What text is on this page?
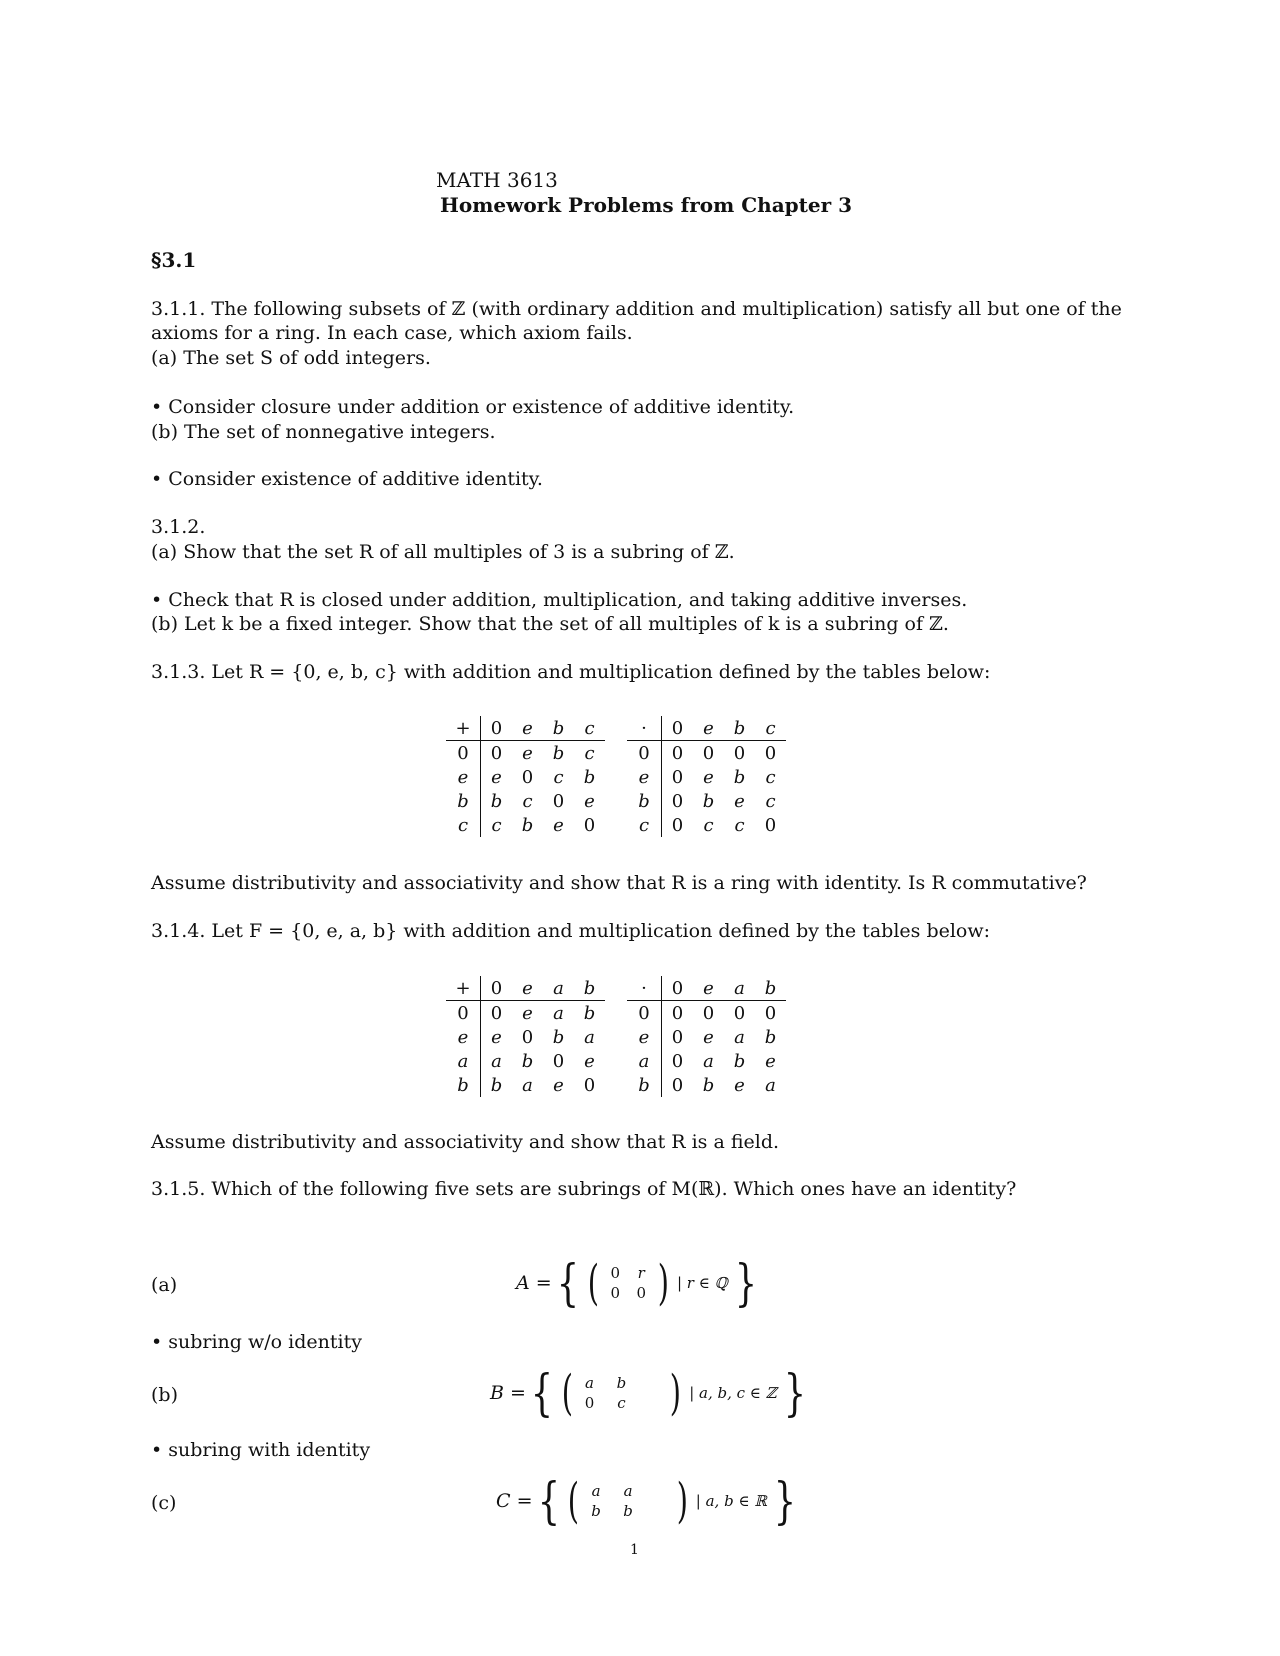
MATH 3613
Homework Problems from Chapter 3
§3.1
3.1.1. The following subsets of ℤ (with ordinary addition and multiplication) satisfy all but one of the
axioms for a ring. In each case, which axiom fails.
(a) The set S of odd integers.
• Consider closure under addition or existence of additive identity.
(b) The set of nonnegative integers.
• Consider existence of additive identity.
3.1.2.
(a) Show that the set R of all multiples of 3 is a subring of ℤ.
• Check that R is closed under addition, multiplication, and taking additive inverses.
(b) Let k be a fixed integer. Show that the set of all multiples of k is a subring of ℤ.
3.1.3. Let R = {0, e, b, c} with addition and multiplication defined by the tables below:
+	0	e	b	c
0	0	e	b	c
e	e	0	c	b
b	b	c	0	e
c	c	b	e	0
·	0	e	b	c
0	0	0	0	0
e	0	e	b	c
b	0	b	e	c
c	0	c	c	0
Assume distributivity and associativity and show that R is a ring with identity. Is R commutative?
3.1.4. Let F = {0, e, a, b} with addition and multiplication defined by the tables below:
+	0	e	a	b
0	0	e	a	b
e	e	0	b	a
a	a	b	0	e
b	b	a	e	0
·	0	e	a	b
0	0	0	0	0
e	0	e	a	b
a	0	a	b	e
b	0	b	e	a
Assume distributivity and associativity and show that R is a field.
3.1.5. Which of the following five sets are subrings of M(ℝ). Which ones have an identity?
(a)	A = { ( 0 r
0 0 ) | r ∈ ℚ }
• subring w/o identity
(b)	B = { ( a b
0 c ) | a, b, c ∈ ℤ }
• subring with identity
(c)	C = { ( a a
b b ) | a, b ∈ ℝ }
1
